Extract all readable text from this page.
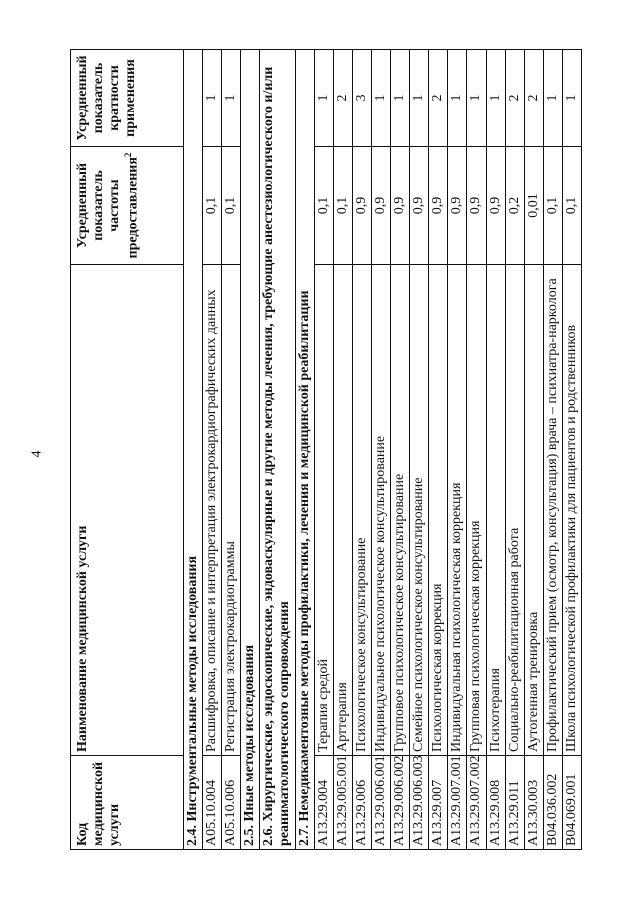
4
Код медицинской услуги	Наименование медицинской услуги	Усредненный показатель частоты предоставления$^2$	Усредненный показатель кратности применения
2.4. Инструментальные методы исследования			
A05.10.004	Расшифровка, описание и интерпретация электрокардиографических данных	0,1	1
A05.10.006	Регистрация электрокардиограммы	0,1	1
2.5. Иные методы исследования			
2.6. Хирургические, эндоскопические, эндоваскулярные и другие методы лечения, требующие анестезиологического и/или реаниматологического сопровождения			
2.7. Немедикаментозные методы профилактики, лечения и медицинской реабилитации			
A13.29.004	Терапия средой	0,1	1
A13.29.005.001	Арттерапия	0,1	2
A13.29.006	Психологическое консультирование	0,9	3
A13.29.006.001	Индивидуальное психологическое консультирование	0,9	1
A13.29.006.002	Групповое психологическое консультирование	0,9	1
A13.29.006.003	Семейное психологическое консультирование	0,9	1
A13.29.007	Психологическая коррекция	0,9	2
A13.29.007.001	Индивидуальная психологическая коррекция	0,9	1
A13.29.007.002	Групповая психологическая коррекция	0,9	1
A13.29.008	Психотерапия	0,9	1
A13.29.011	Социально-реабилитационная работа	0,2	2
A13.30.003	Аутогенная тренировка	0,01	2
B04.036.002	Профилактический прием (осмотр, консультация) врача – психиатра-нарколога	0,1	1
B04.069.001	Школа психологической профилактики для пациентов и родственников	0,1	1
